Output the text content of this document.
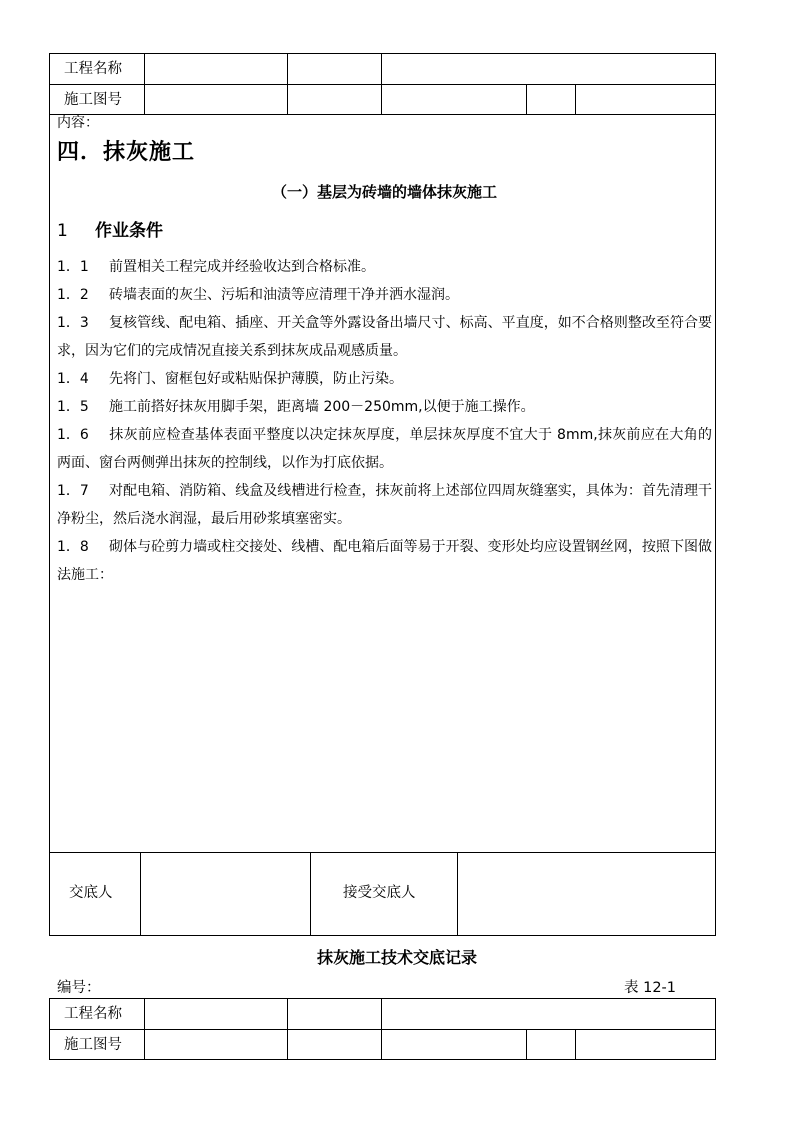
工程名称
施工图号
内容：
四．抹灰施工
（一）基层为砖墙的墙体抹灰施工
1	作业条件
1．1 前置相关工程完成并经验收达到合格标准。
1．2 砖墙表面的灰尘、污垢和油渍等应清理干净并洒水湿润。
1．3 复核管线、配电箱、插座、开关盒等外露设备出墙尺寸、标高、平直度，如不合格则整改至符合要求，因为它们的完成情况直接关系到抹灰成品观感质量。
1．4 先将门、窗框包好或粘贴保护薄膜，防止污染。
1．5 施工前搭好抹灰用脚手架，距离墙 200－250mm,以便于施工操作。
1．6 抹灰前应检查基体表面平整度以决定抹灰厚度，单层抹灰厚度不宜大于 8mm,抹灰前应在大角的两面、窗台两侧弹出抹灰的控制线，以作为打底依据。
1．7 对配电箱、消防箱、线盒及线槽进行检查，抹灰前将上述部位四周灰缝塞实，具体为：首先清理干净粉尘，然后浇水润湿，最后用砂浆填塞密实。
1．8 砌体与砼剪力墙或柱交接处、线槽、配电箱后面等易于开裂、变形处均应设置钢丝网，按照下图做法施工：
交底人	接受交底人
抹灰施工技术交底记录
编号：	表 12-1
工程名称
施工图号
